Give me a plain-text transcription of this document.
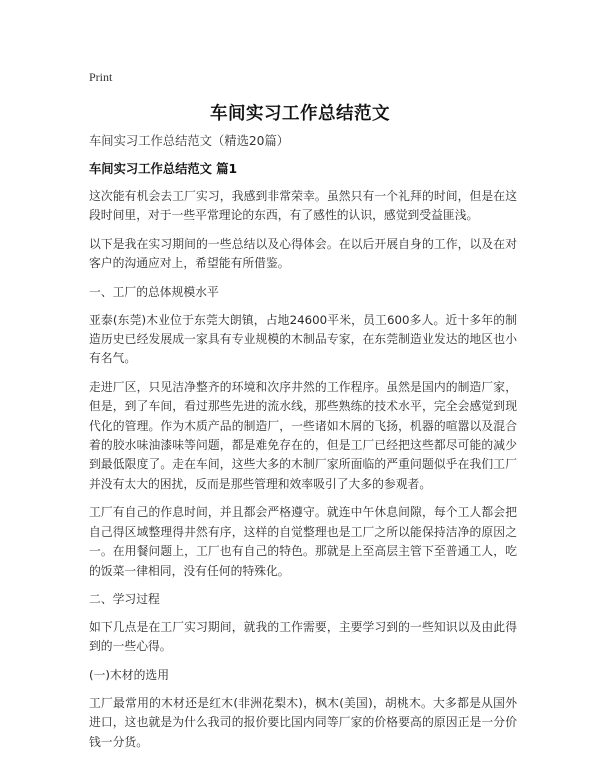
Print
车间实习工作总结范文

车间实习工作总结范文（精选20篇）

车间实习工作总结范文 篇1

这次能有机会去工厂实习，我感到非常荣幸。虽然只有一个礼拜的时间，但是在这段时间里，对于一些平常理论的东西，有了感性的认识，感觉到受益匪浅。

以下是我在实习期间的一些总结以及心得体会。在以后开展自身的工作，以及在对客户的沟通应对上，希望能有所借鉴。

一、工厂的总体规模水平

亚泰(东莞)木业位于东莞大朗镇，占地24600平米，员工600多人。近十多年的制造历史已经发展成一家具有专业规模的木制品专家，在东莞制造业发达的地区也小有名气。

走进厂区，只见洁净整齐的环境和次序井然的工作程序。虽然是国内的制造厂家，但是，到了车间，看过那些先进的流水线，那些熟练的技术水平，完全会感觉到现代化的管理。作为木质产品的制造厂，一些诸如木屑的飞扬，机器的喧嚣以及混合着的胶水味油漆味等问题，都是难免存在的，但是工厂已经把这些都尽可能的减少到最低限度了。走在车间，这些大多的木制厂家所面临的严重问题似乎在我们工厂并没有太大的困扰，反而是那些管理和效率吸引了大多的参观者。

工厂有自己的作息时间，并且都会严格遵守。就连中午休息间隙，每个工人都会把自己得区域整理得井然有序，这样的自觉整理也是工厂之所以能保持洁净的原因之一。在用餐问题上，工厂也有自己的特色。那就是上至高层主管下至普通工人，吃的饭菜一律相同，没有任何的特殊化。

二、学习过程

如下几点是在工厂实习期间，就我的工作需要，主要学习到的一些知识以及由此得到的一些心得。

(一)木材的选用

工厂最常用的木材还是红木(非洲花梨木)，枫木(美国)，胡桃木。大多都是从国外进口，这也就是为什么我司的报价要比国内同等厂家的价格要高的原因正是一分价钱一分货。
